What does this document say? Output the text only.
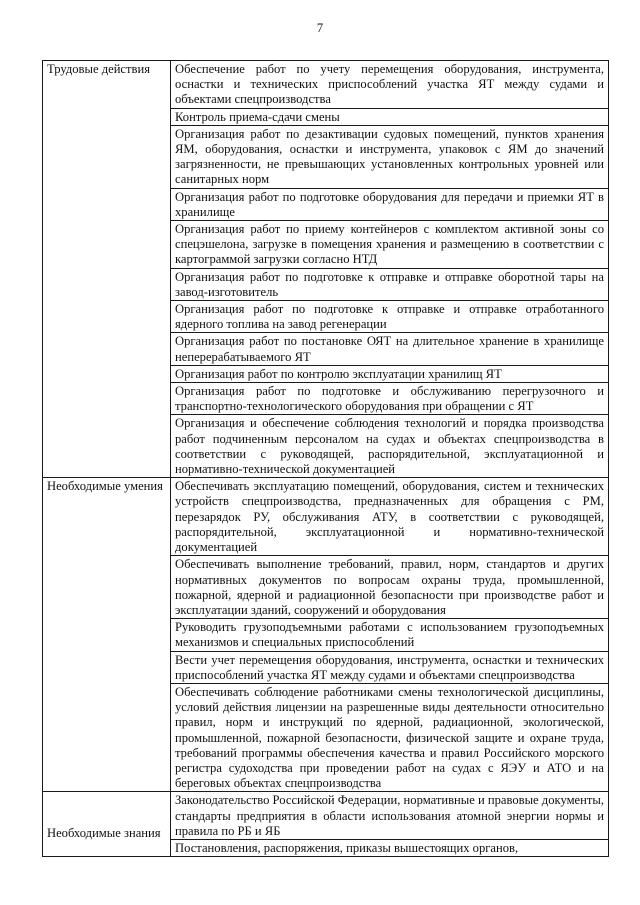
7
Трудовые действия	Обеспечение работ по учету перемещения оборудования, инструмента, оснастки и технических приспособлений участка ЯТ между судами и объектами спецпроизводства
	Контроль приема-сдачи смены
	Организация работ по дезактивации судовых помещений, пунктов хранения ЯМ, оборудования, оснастки и инструмента, упаковок с ЯМ до значений загрязненности, не превышающих установленных контрольных уровней или санитарных норм
	Организация работ по подготовке оборудования для передачи и приемки ЯТ в хранилище
	Организация работ по приему контейнеров с комплектом активной зоны со спецэшелона, загрузке в помещения хранения и размещению в соответствии с картограммой загрузки согласно НТД
	Организация работ по подготовке к отправке и отправке оборотной тары на завод-изготовитель
	Организация работ по подготовке к отправке и отправке отработанного ядерного топлива на завод регенерации
	Организация работ по постановке ОЯТ на длительное хранение в хранилище неперерабатываемого ЯТ
	Организация работ по контролю эксплуатации хранилищ ЯТ
	Организация работ по подготовке и обслуживанию перегрузочного и транспортно-технологического оборудования при обращении с ЯТ
	Организация и обеспечение соблюдения технологий и порядка производства работ подчиненным персоналом на судах и объектах спецпроизводства в соответствии с руководящей, распорядительной, эксплуатационной и нормативно-технической документацией
Необходимые умения	Обеспечивать эксплуатацию помещений, оборудования, систем и технических устройств спецпроизводства, предназначенных для обращения с РМ, перезарядок РУ, обслуживания АТУ, в соответствии с руководящей, распорядительной, эксплуатационной и нормативно-технической документацией
	Обеспечивать выполнение требований, правил, норм, стандартов и других нормативных документов по вопросам охраны труда, промышленной, пожарной, ядерной и радиационной безопасности при производстве работ и эксплуатации зданий, сооружений и оборудования
	Руководить грузоподъемными работами с использованием грузоподъемных механизмов и специальных приспособлений
	Вести учет перемещения оборудования, инструмента, оснастки и технических приспособлений участка ЯТ между судами и объектами спецпроизводства
	Обеспечивать соблюдение работниками смены технологической дисциплины, условий действия лицензии на разрешенные виды деятельности относительно правил, норм и инструкций по ядерной, радиационной, экологической, промышленной, пожарной безопасности, физической защите и охране труда, требований программы обеспечения качества и правил Российского морского регистра судоходства при проведении работ на судах с ЯЭУ и АТО и на береговых объектах спецпроизводства
Необходимые знания	Законодательство Российской Федерации, нормативные и правовые документы, стандарты предприятия в области использования атомной энергии нормы и правила по РБ и ЯБ
	Постановления, распоряжения, приказы вышестоящих органов,
